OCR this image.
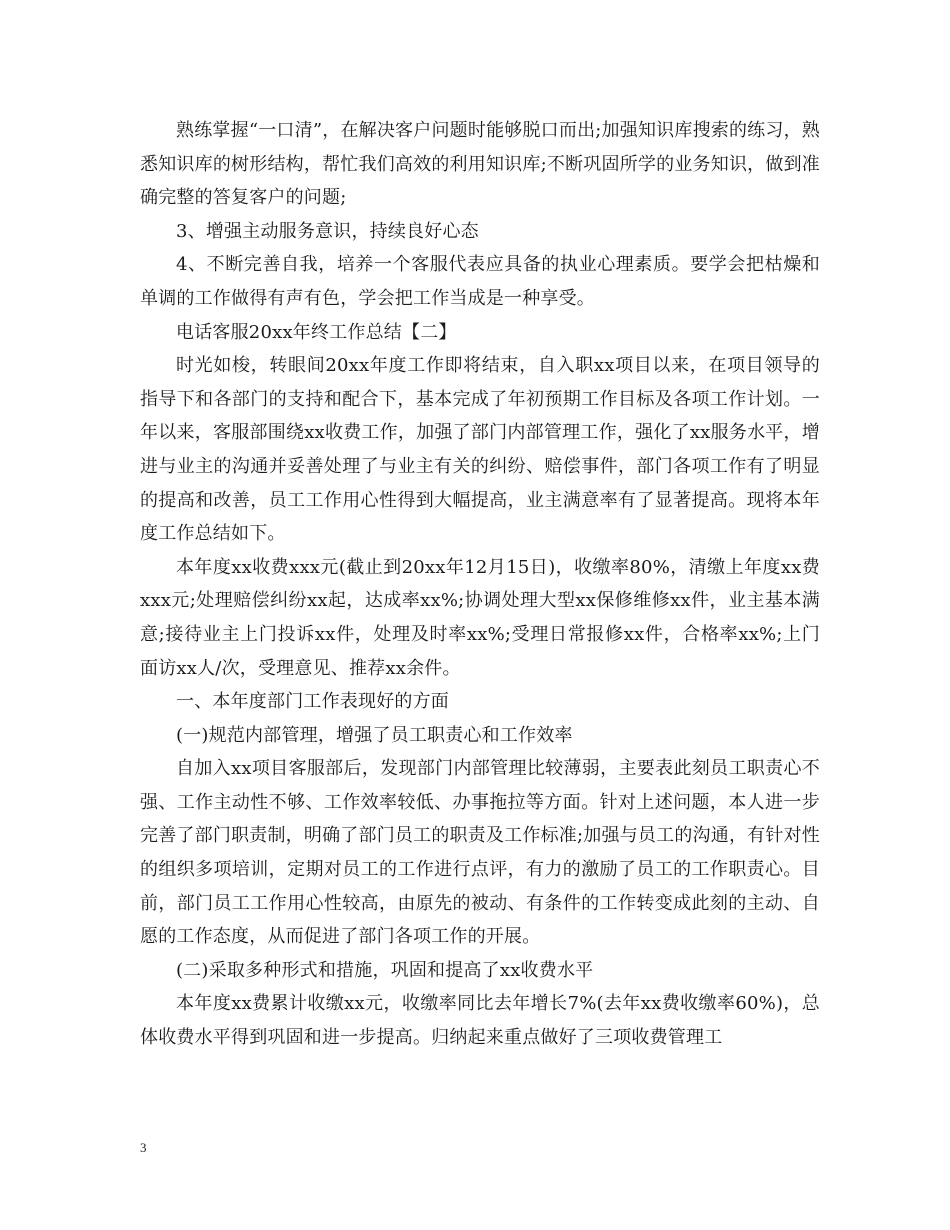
熟练掌握“一口清”，在解决客户问题时能够脱口而出;加强知识库搜索的练习，熟悉知识库的树形结构，帮忙我们高效的利用知识库;不断巩固所学的业务知识，做到准确完整的答复客户的问题;

3、增强主动服务意识，持续良好心态

4、不断完善自我，培养一个客服代表应具备的执业心理素质。要学会把枯燥和单调的工作做得有声有色，学会把工作当成是一种享受。

电话客服20xx年终工作总结【二】

时光如梭，转眼间20xx年度工作即将结束，自入职xx项目以来，在项目领导的指导下和各部门的支持和配合下，基本完成了年初预期工作目标及各项工作计划。一年以来，客服部围绕xx收费工作，加强了部门内部管理工作，强化了xx服务水平，增进与业主的沟通并妥善处理了与业主有关的纠纷、赔偿事件，部门各项工作有了明显的提高和改善，员工工作用心性得到大幅提高，业主满意率有了显著提高。现将本年度工作总结如下。

本年度xx收费xxx元(截止到20xx年12月15日)，收缴率80%，清缴上年度xx费xxx元;处理赔偿纠纷xx起，达成率xx%;协调处理大型xx保修维修xx件，业主基本满意;接待业主上门投诉xx件，处理及时率xx%;受理日常报修xx件，合格率xx%;上门面访xx人/次，受理意见、推荐xx余件。

一、本年度部门工作表现好的方面

(一)规范内部管理，增强了员工职责心和工作效率

自加入xx项目客服部后，发现部门内部管理比较薄弱，主要表此刻员工职责心不强、工作主动性不够、工作效率较低、办事拖拉等方面。针对上述问题，本人进一步完善了部门职责制，明确了部门员工的职责及工作标准;加强与员工的沟通，有针对性的组织多项培训，定期对员工的工作进行点评，有力的激励了员工的工作职责心。目前，部门员工工作用心性较高，由原先的被动、有条件的工作转变成此刻的主动、自愿的工作态度，从而促进了部门各项工作的开展。

(二)采取多种形式和措施，巩固和提高了xx收费水平

本年度xx费累计收缴xx元，收缴率同比去年增长7%(去年xx费收缴率60%)，总体收费水平得到巩固和进一步提高。归纳起来重点做好了三项收费管理工

3
